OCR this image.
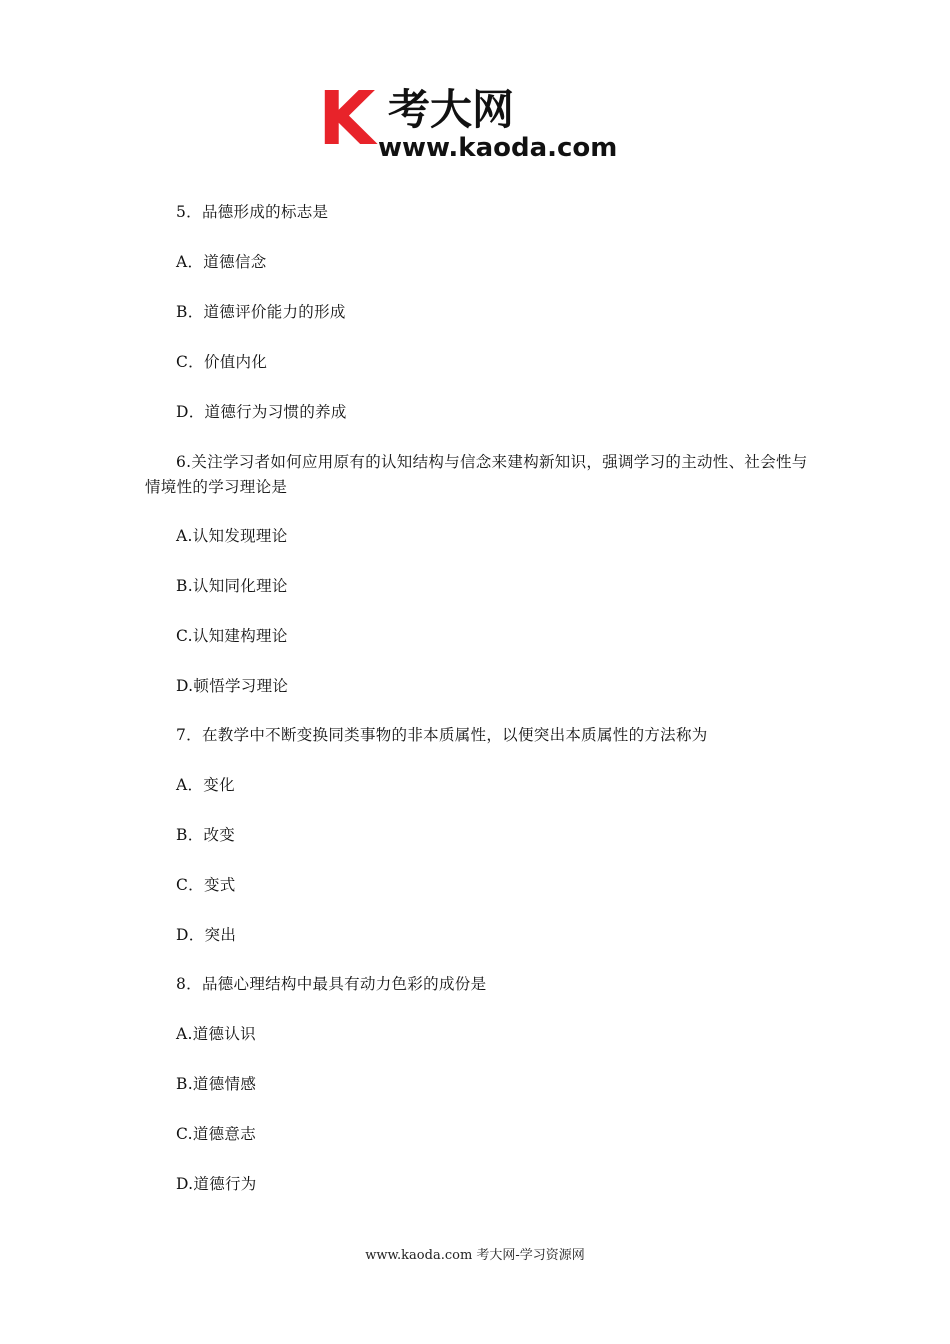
K 考大网
www.kaoda.com
5．品德形成的标志是
A．道德信念
B．道德评价能力的形成
C．价值内化
D．道德行为习惯的养成
6.关注学习者如何应用原有的认知结构与信念来建构新知识，强调学习的主动性、社会性与情境性的学习理论是
A.认知发现理论
B.认知同化理论
C.认知建构理论
D.顿悟学习理论
7．在教学中不断变换同类事物的非本质属性，以便突出本质属性的方法称为
A．变化
B．改变
C．变式
D．突出
8．品德心理结构中最具有动力色彩的成份是
A.道德认识
B.道德情感
C.道德意志
D.道德行为
www.kaoda.com 考大网-学习资源网
